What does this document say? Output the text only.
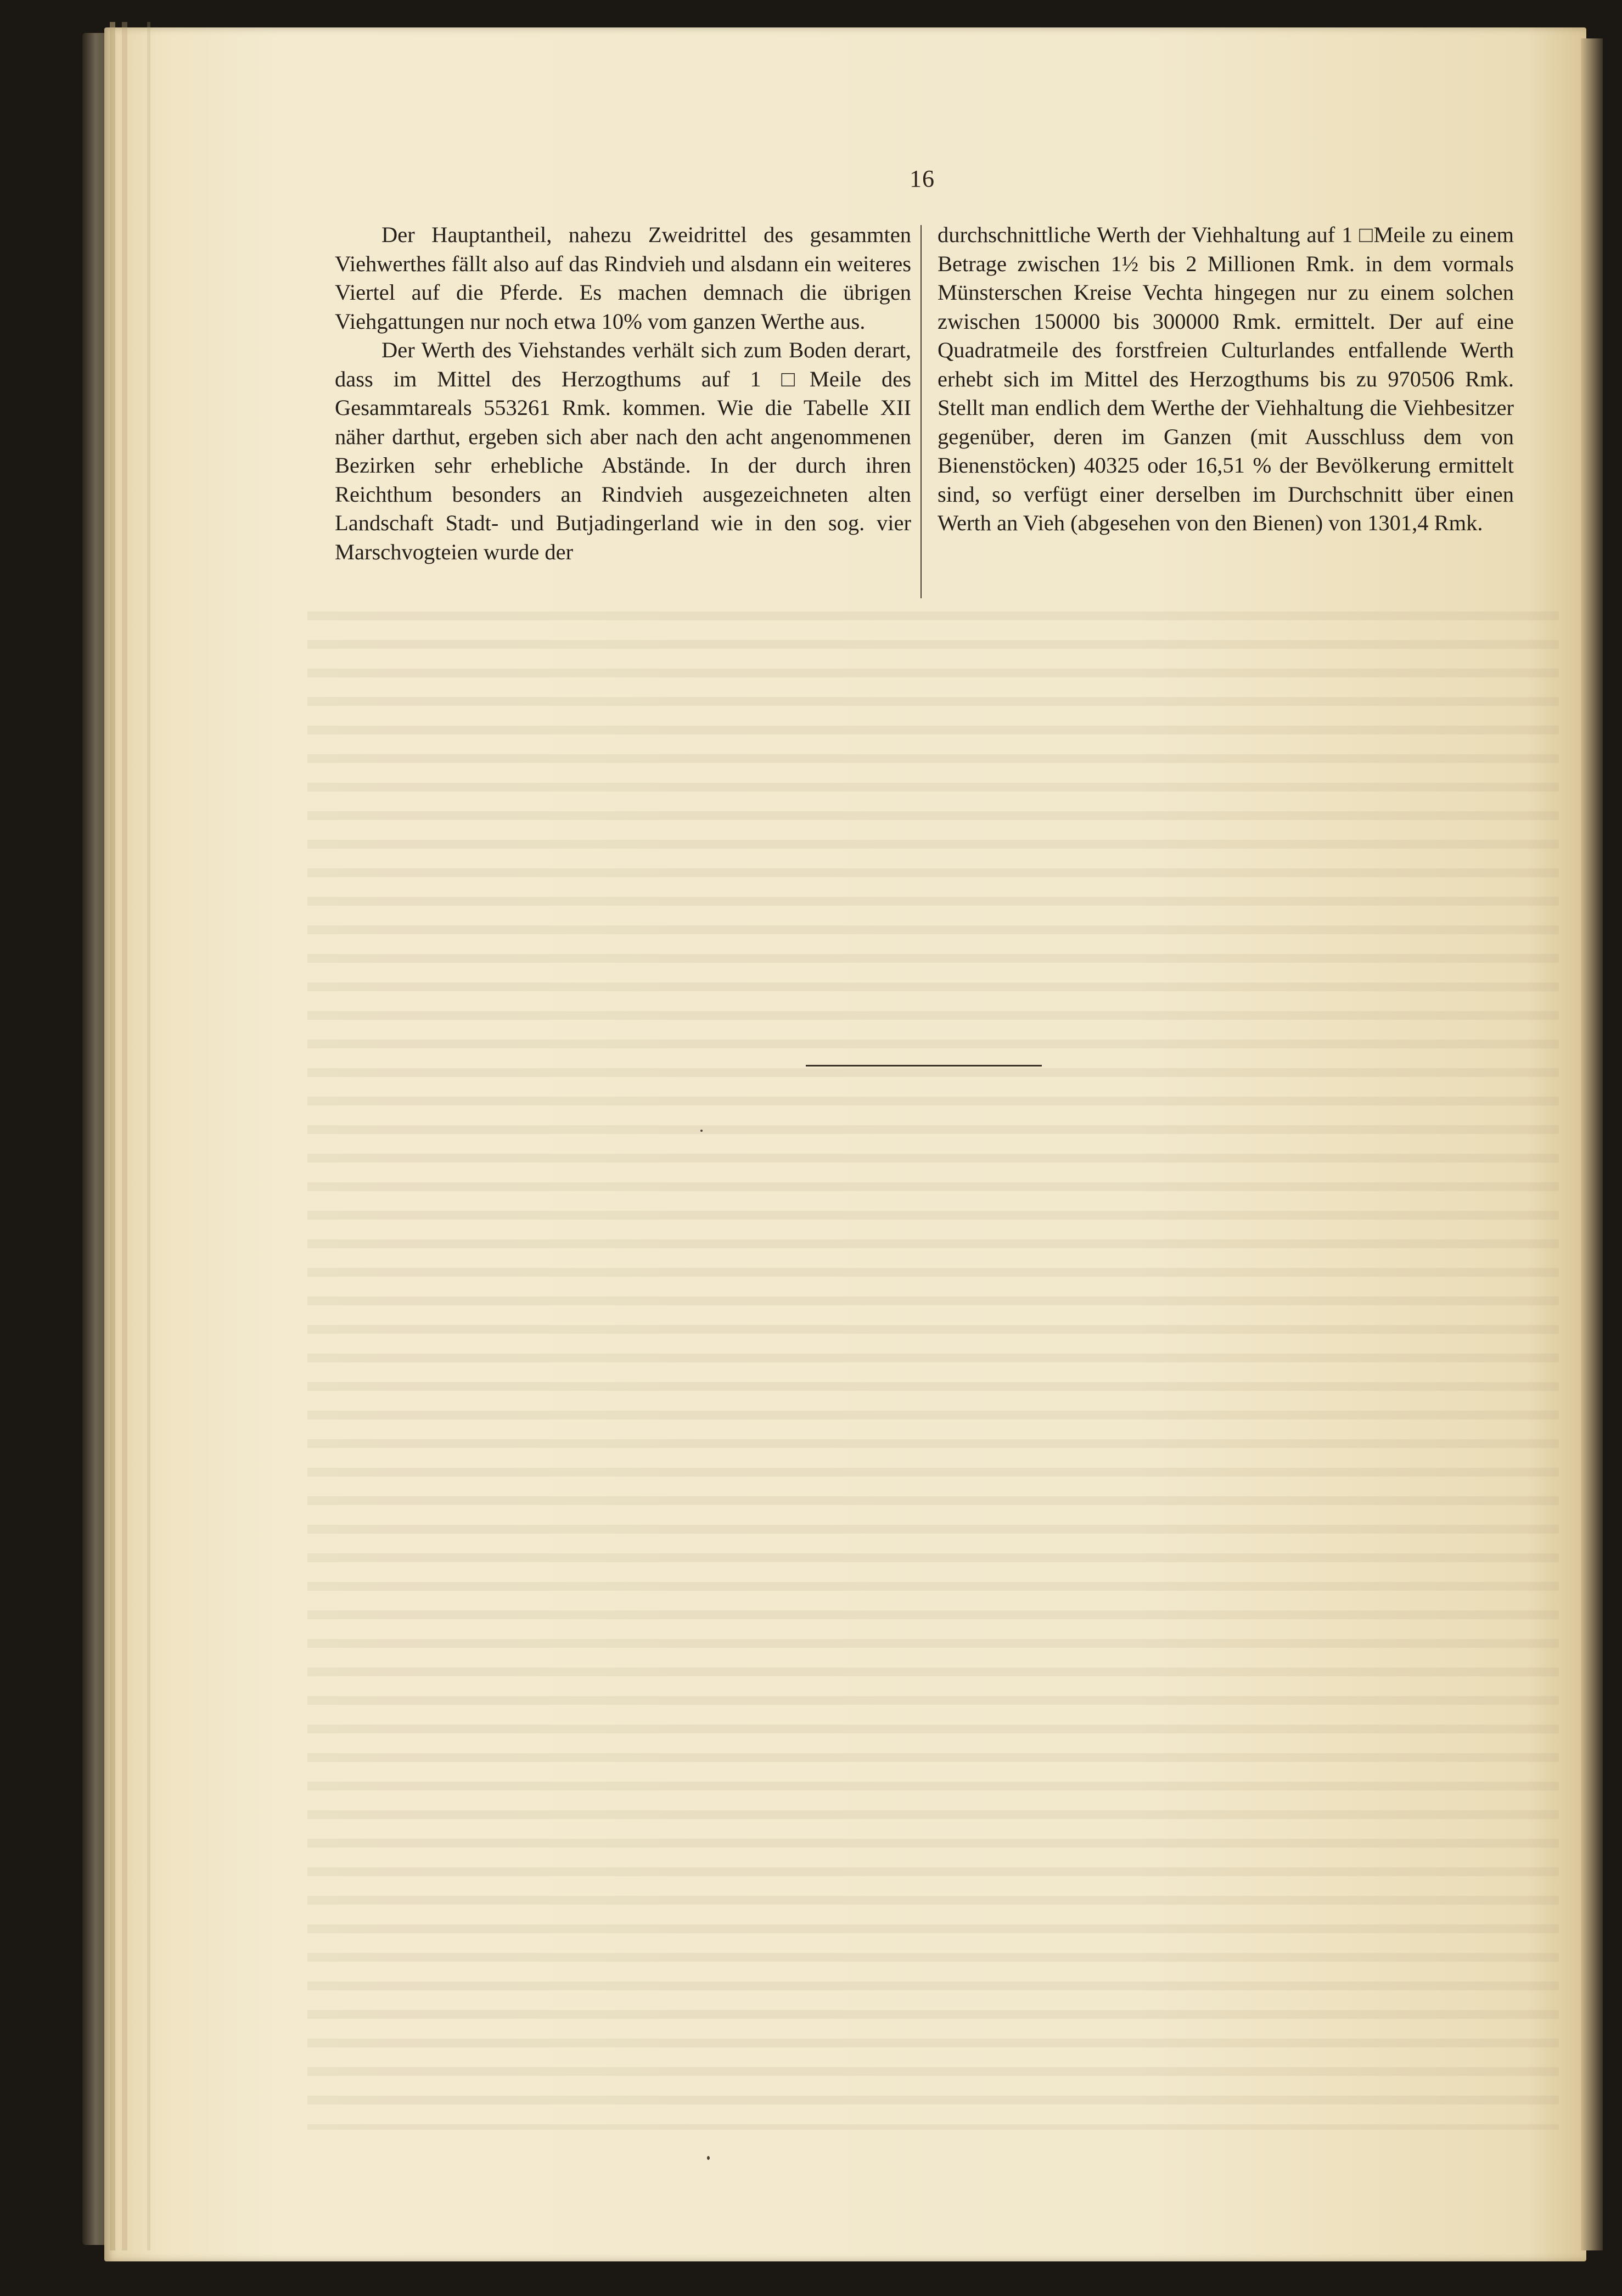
16

Der Hauptantheil, nahezu Zweidrittel des gesammten Viehwerthes fällt also auf das Rindvieh und alsdann ein weiteres Viertel auf die Pferde. Es machen demnach die übrigen Viehgattungen nur noch etwa 10% vom ganzen Werthe aus.

Der Werth des Viehstandes verhält sich zum Boden derart, dass im Mittel des Herzogthums auf 1 □Meile des Gesammtareals 553261 Rmk. kommen. Wie die Tabelle XII näher darthut, ergeben sich aber nach den acht angenommenen Bezirken sehr erhebliche Abstände. In der durch ihren Reichthum besonders an Rindvieh ausgezeichneten alten Landschaft Stadt- und Butjadingerland wie in den sog. vier Marschvogteien wurde der

durchschnittliche Werth der Viehhaltung auf 1 □Meile zu einem Betrage zwischen 1½ bis 2 Millionen Rmk. in dem vormals Münsterschen Kreise Vechta hingegen nur zu einem solchen zwischen 150000 bis 300000 Rmk. ermittelt. Der auf eine Quadratmeile des forstfreien Culturlandes entfallende Werth erhebt sich im Mittel des Herzogthums bis zu 970506 Rmk. Stellt man endlich dem Werthe der Viehhaltung die Viehbesitzer gegenüber, deren im Ganzen (mit Ausschluss dem von Bienenstöcken) 40325 oder 16,51 % der Bevölkerung ermittelt sind, so verfügt einer derselben im Durchschnitt über einen Werth an Vieh (abgesehen von den Bienen) von 1301,4 Rmk.
